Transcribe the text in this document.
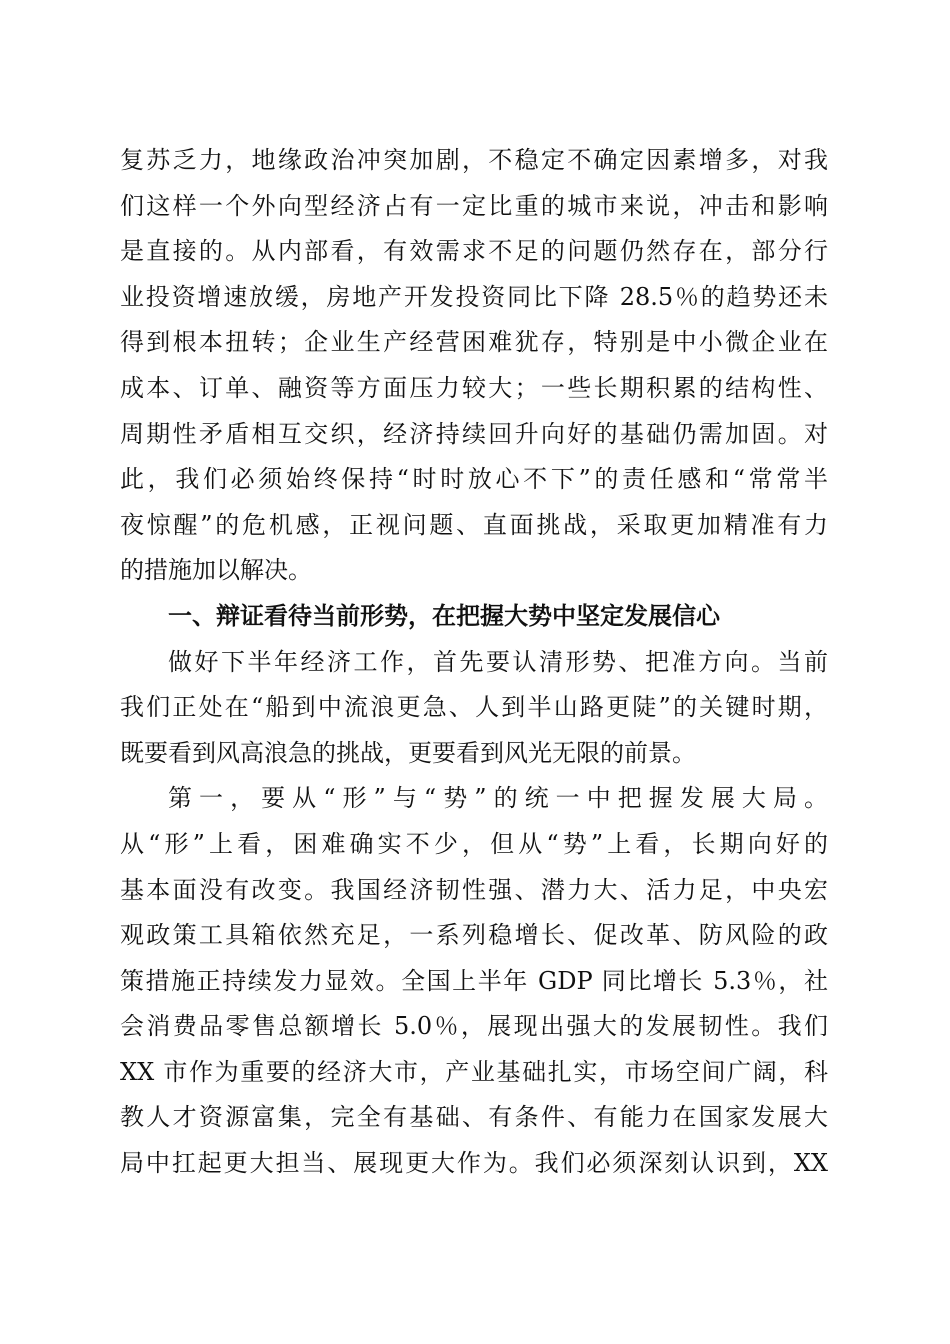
复苏乏力，地缘政治冲突加剧，不稳定不确定因素增多，对我
们这样一个外向型经济占有一定比重的城市来说，冲击和影响
是直接的。从内部看，有效需求不足的问题仍然存在，部分行
业投资增速放缓，房地产开发投资同比下降 28.5％的趋势还未
得到根本扭转；企业生产经营困难犹存，特别是中小微企业在
成本、订单、融资等方面压力较大；一些长期积累的结构性、
周期性矛盾相互交织，经济持续回升向好的基础仍需加固。对
此，我们必须始终保持“时时放心不下”的责任感和“常常半
夜惊醒”的危机感，正视问题、直面挑战，采取更加精准有力
的措施加以解决。
一、辩证看待当前形势，在把握大势中坚定发展信心
做好下半年经济工作，首先要认清形势、把准方向。当前
我们正处在“船到中流浪更急、人到半山路更陡”的关键时期，
既要看到风高浪急的挑战，更要看到风光无限的前景。
第一，要从“形”与“势”的统一中把握发展大局。
从“形”上看，困难确实不少，但从“势”上看，长期向好的
基本面没有改变。我国经济韧性强、潜力大、活力足，中央宏
观政策工具箱依然充足，一系列稳增长、促改革、防风险的政
策措施正持续发力显效。全国上半年 GDP 同比增长 5.3％，社
会消费品零售总额增长 5.0％，展现出强大的发展韧性。我们
XX 市作为重要的经济大市，产业基础扎实，市场空间广阔，科
教人才资源富集，完全有基础、有条件、有能力在国家发展大
局中扛起更大担当、展现更大作为。我们必须深刻认识到，XX
